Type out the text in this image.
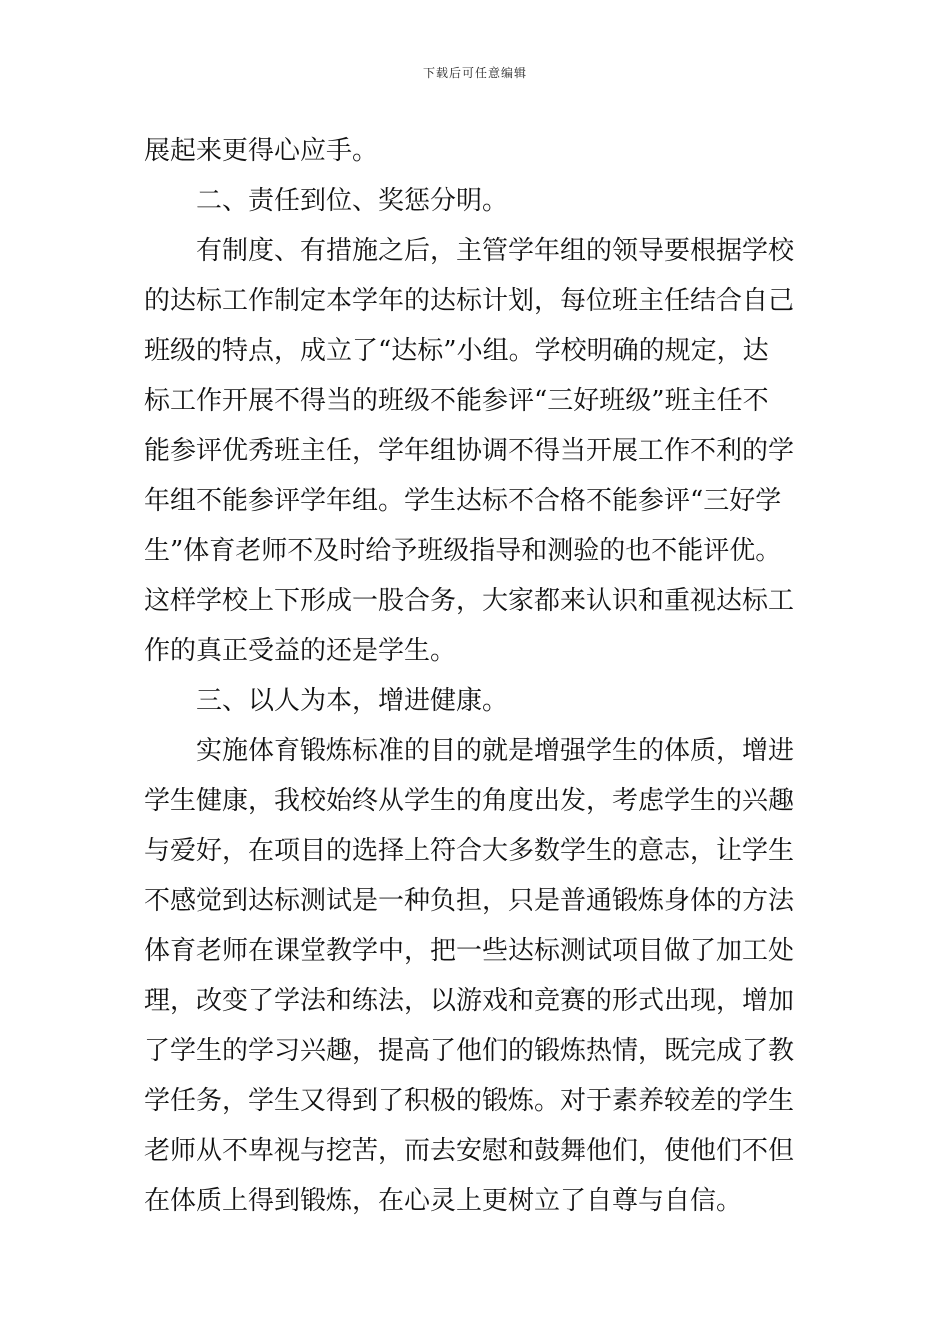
下载后可任意编辑
展起来更得心应手。
二、责任到位、奖惩分明。
有制度、有措施之后，主管学年组的领导要根据学校
的达标工作制定本学年的达标计划，每位班主任结合自己
班级的特点，成立了“达标”小组。学校明确的规定，达
标工作开展不得当的班级不能参评“三好班级”班主任不
能参评优秀班主任，学年组协调不得当开展工作不利的学
年组不能参评学年组。学生达标不合格不能参评“三好学
生”体育老师不及时给予班级指导和测验的也不能评优。
这样学校上下形成一股合务，大家都来认识和重视达标工
作的真正受益的还是学生。
三、以人为本，增进健康。
实施体育锻炼标准的目的就是增强学生的体质，增进
学生健康，我校始终从学生的角度出发，考虑学生的兴趣
与爱好，在项目的选择上符合大多数学生的意志，让学生
不感觉到达标测试是一种负担，只是普通锻炼身体的方法
体育老师在课堂教学中，把一些达标测试项目做了加工处
理，改变了学法和练法，以游戏和竞赛的形式出现，增加
了学生的学习兴趣，提高了他们的锻炼热情，既完成了教
学任务，学生又得到了积极的锻炼。对于素养较差的学生
老师从不卑视与挖苦，而去安慰和鼓舞他们，使他们不但
在体质上得到锻炼，在心灵上更树立了自尊与自信。
